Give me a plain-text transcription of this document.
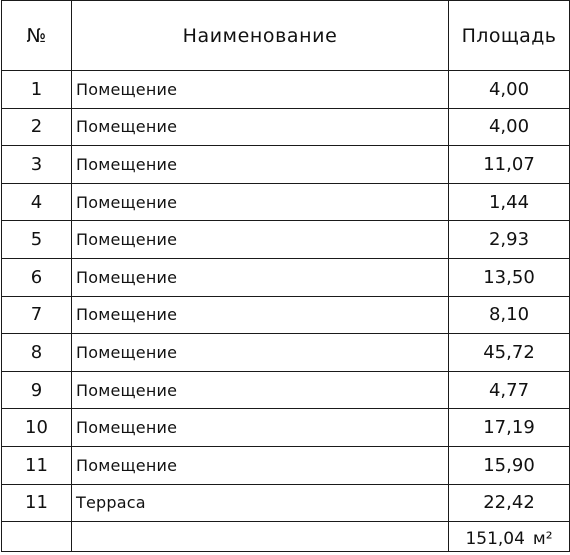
№	Наименование	Площадь
1	Помещение	4,00
2	Помещение	4,00
3	Помещение	11,07
4	Помещение	1,44
5	Помещение	2,93
6	Помещение	13,50
7	Помещение	8,10
8	Помещение	45,72
9	Помещение	4,77
10	Помещение	17,19
11	Помещение	15,90
11	Терраса	22,42
		151,04 м²
